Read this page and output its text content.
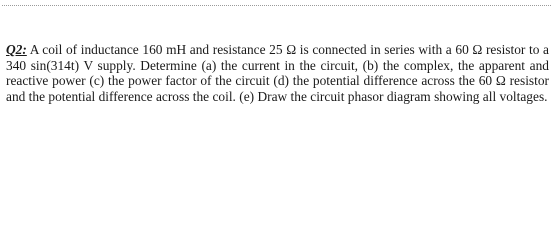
Q2: A coil of inductance 160 mH and resistance 25 Ω is connected in series with a 60 Ω resistor to a 340 sin(314t) V supply. Determine (a) the current in the circuit, (b) the complex, the apparent and reactive power (c) the power factor of the circuit (d) the potential difference across the 60 Ω resistor and the potential difference across the coil. (e) Draw the circuit phasor diagram showing all voltages.
